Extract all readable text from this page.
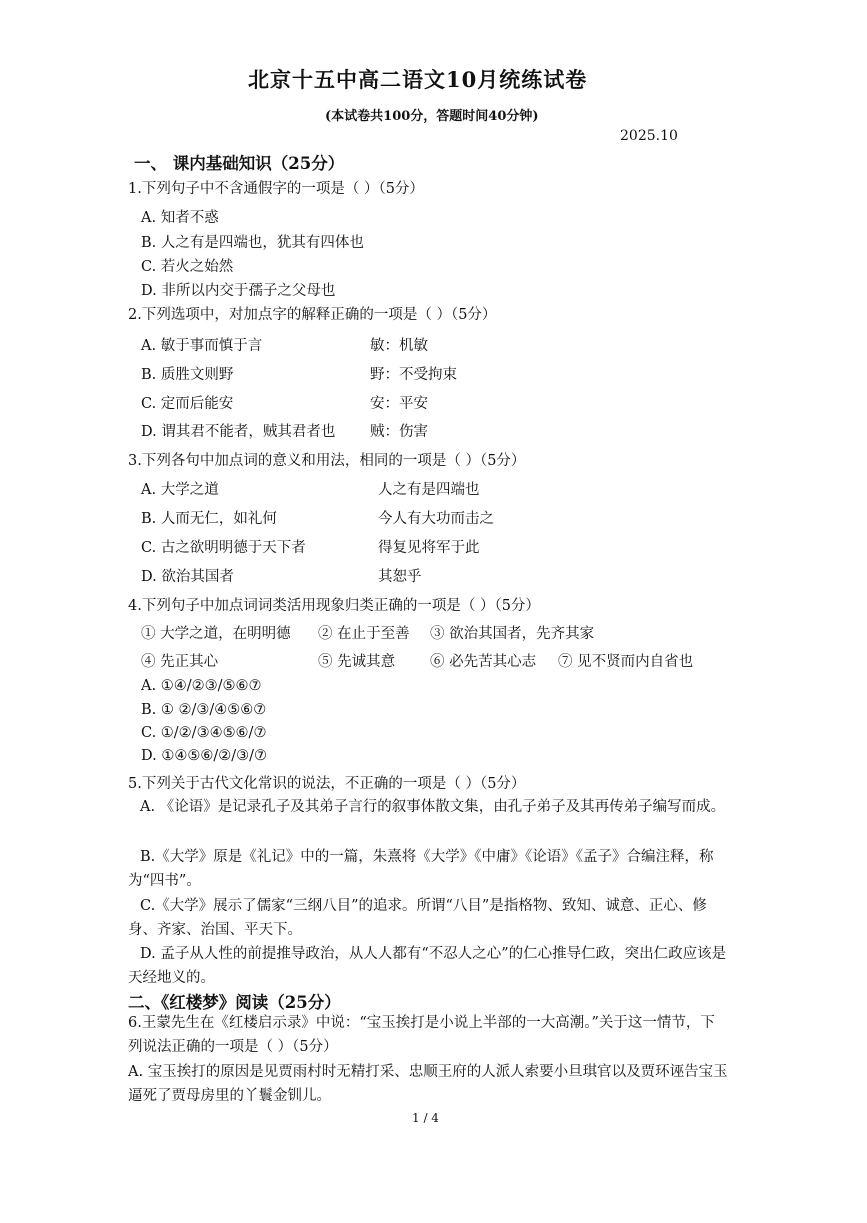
北京十五中高二语文10月统练试卷
(本试卷共100分，答题时间40分钟)
2025.10
一、 课内基础知识（25分）
1.下列句子中不含通假字的一项是（ ）（5分）
A. 知者不惑
B. 人之有是四端也，犹其有四体也
C. 若火之始然
D. 非所以内交于孺子之父母也
2.下列选项中，对加点字的解释正确的一项是（ ）（5分）
A. 敏于事而慎于言	敏：机敏
B. 质胜文则野	野：不受拘束
C. 定而后能安	安：平安
D. 谓其君不能者，贼其君者也 贼：伤害
3.下列各句中加点词的意义和用法，相同的一项是（ ）（5分）
A. 大学之道	人之有是四端也
B. 人而无仁，如礼何	今人有大功而击之
C. 古之欲明明德于天下者	得复见将军于此
D. 欲治其国者	其恕乎
4.下列句子中加点词词类活用现象归类正确的一项是（ ）（5分）
① 大学之道，在明明德 ② 在止于至善 ③ 欲治其国者，先齐其家
④ 先正其心	⑤ 先诚其意 ⑥ 必先苦其心志 ⑦ 见不贤而内自省也
A. ①④/②③/⑤⑥⑦
B. ① ②/③/④⑤⑥⑦
C. ①/②/③④⑤⑥/⑦
D. ①④⑤⑥/②/③/⑦
5.下列关于古代文化常识的说法，不正确的一项是（ ）（5分）
A. 《论语》是记录孔子及其弟子言行的叙事体散文集，由孔子弟子及其再传弟子编写而成。
B.《大学》原是《礼记》中的一篇，朱熹将《大学》《中庸》《论语》《孟子》合编注释，称为“四书”。
C.《大学》展示了儒家“三纲八目”的追求。所谓“八目”是指格物、致知、诚意、正心、修身、齐家、治国、平天下。
D. 孟子从人性的前提推导政治，从人人都有“不忍人之心”的仁心推导仁政，突出仁政应该是天经地义的。
二、《红楼梦》阅读（25分）
6.王蒙先生在《红楼启示录》中说：“宝玉挨打是小说上半部的一大高潮。”关于这一情节，下列说法正确的一项是（ ）（5分）
A. 宝玉挨打的原因是见贾雨村时无精打采、忠顺王府的人派人索要小旦琪官以及贾环诬告宝玉逼死了贾母房里的丫鬟金钏儿。
1 / 4
